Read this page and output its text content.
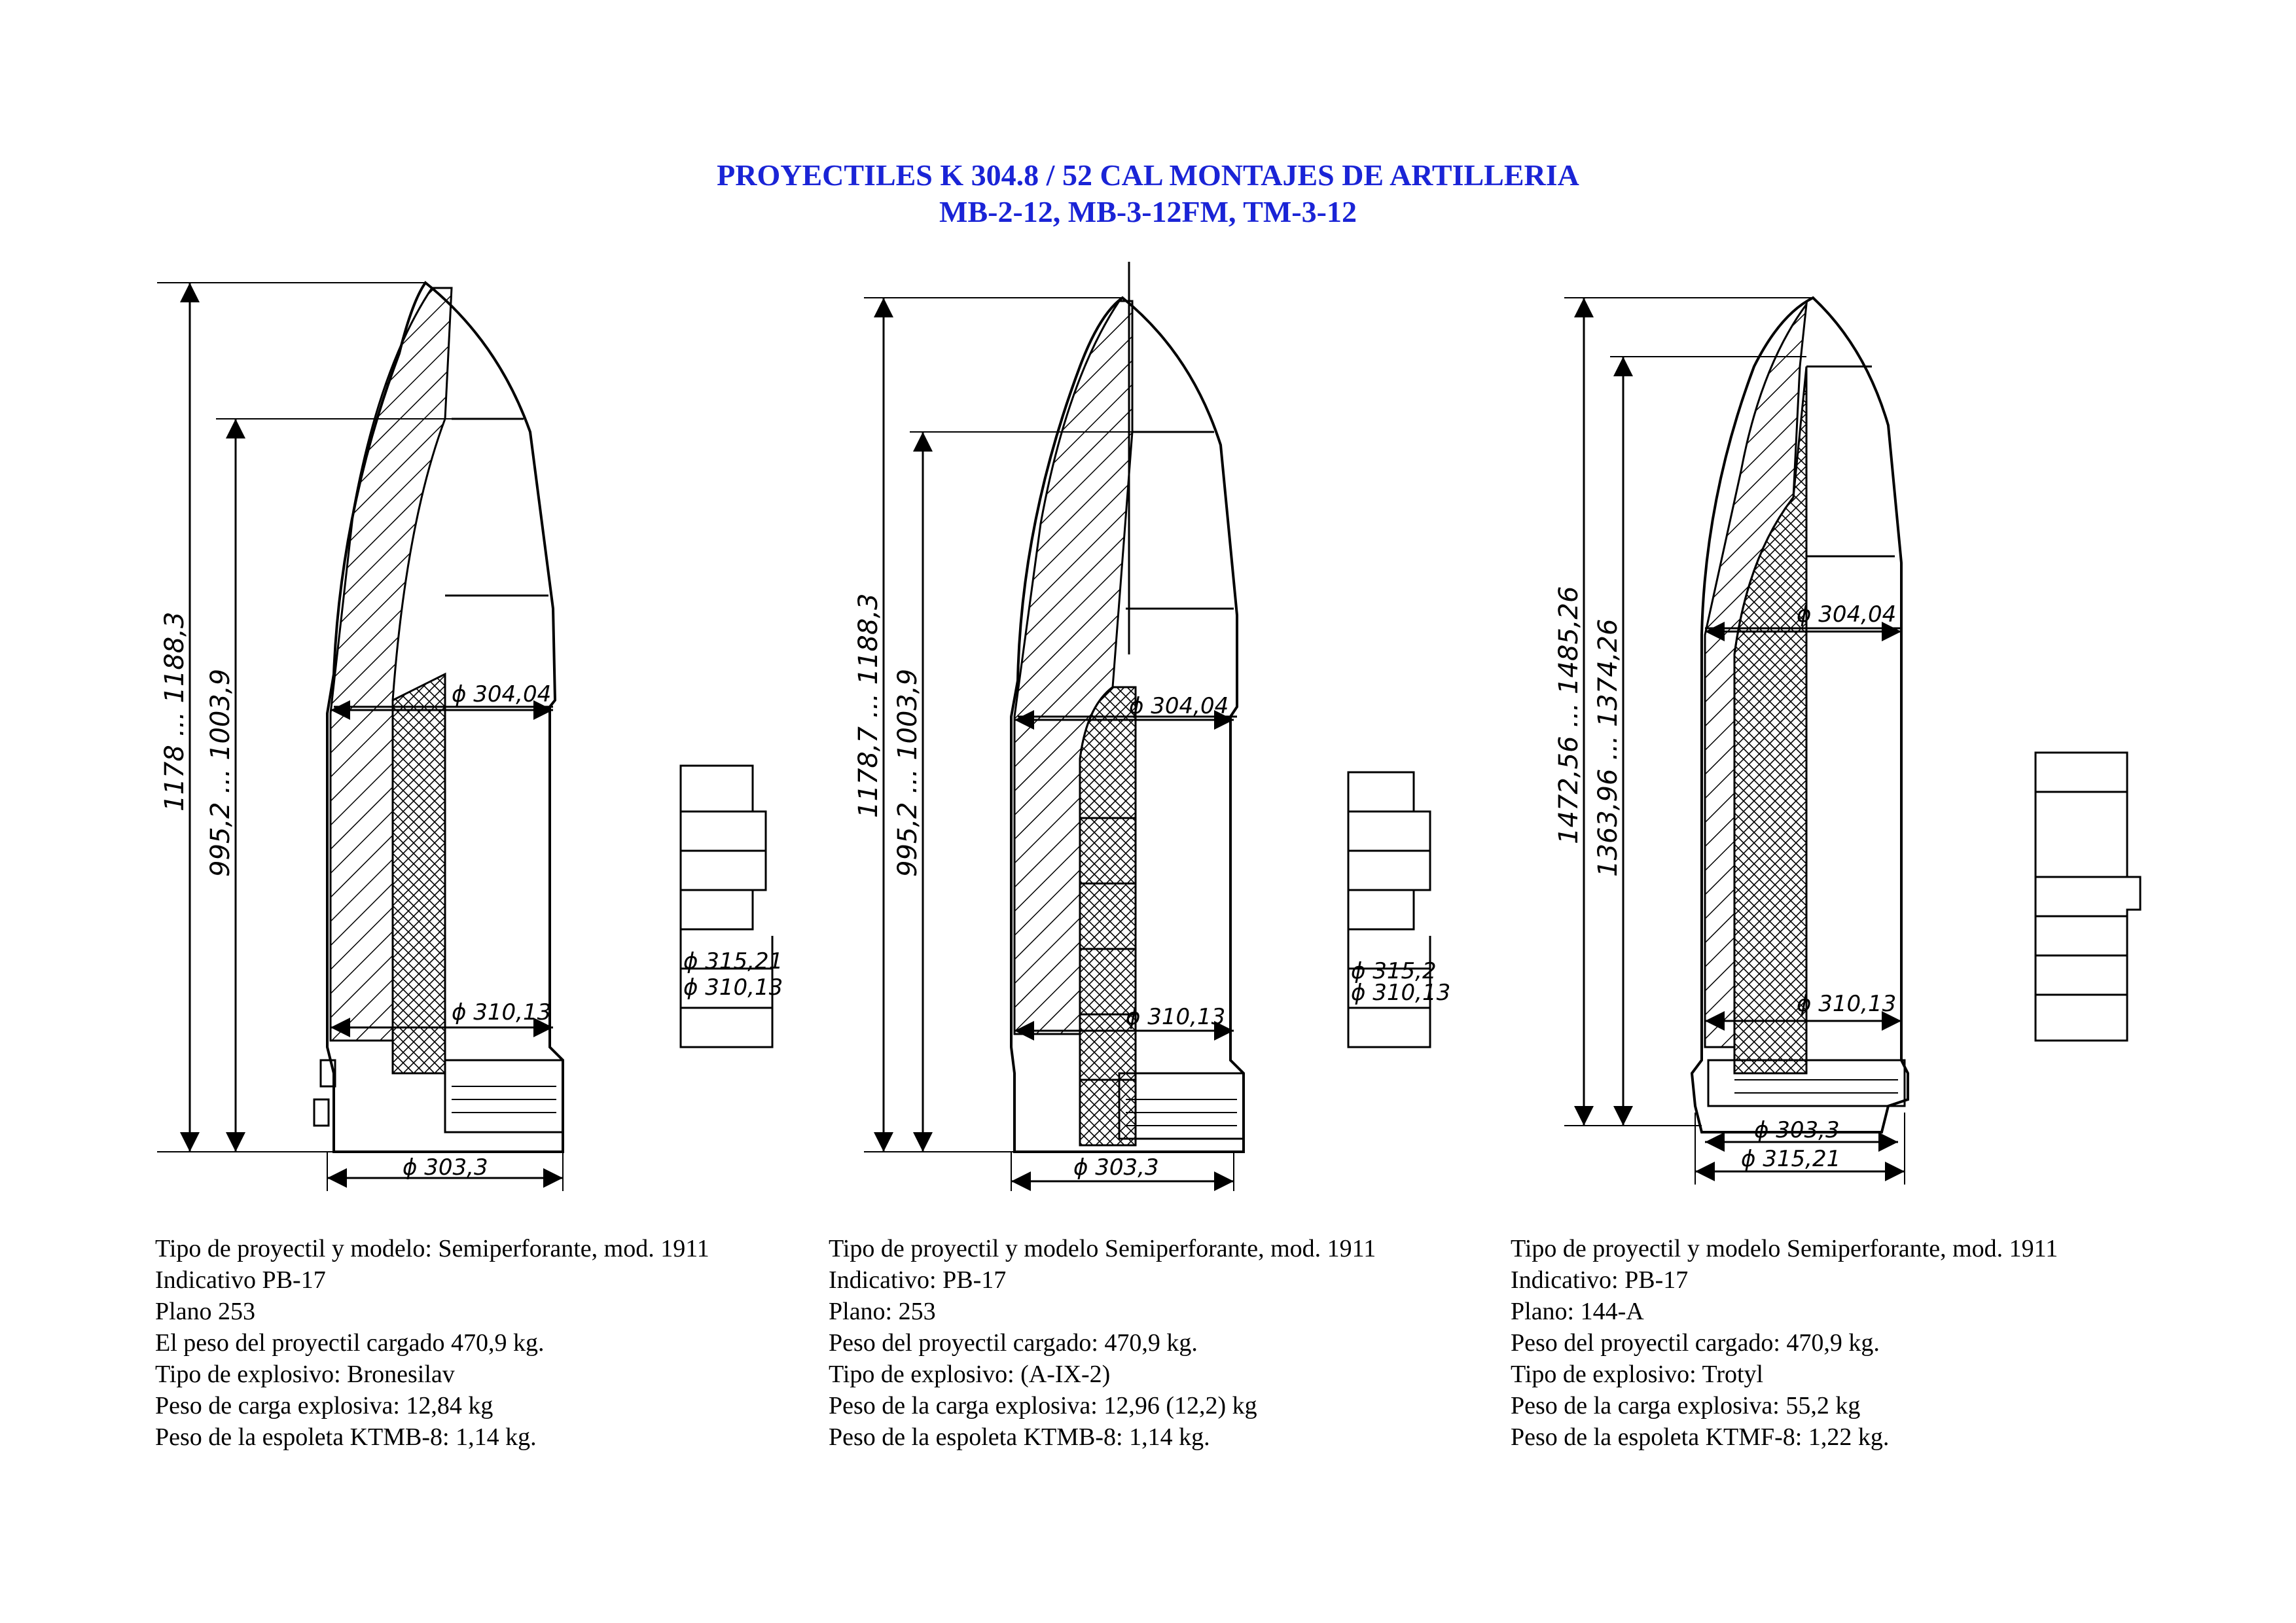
PROYECTILES K 304.8 / 52 CAL MONTAJES DE ARTILLERIA
MB-2-12, MB-3-12FM, TM-3-12
ϕ 304,04
ϕ 310,13
ϕ 303,3
ϕ 315,21
ϕ 310,13
1178 ... 1188,3 995,2 ... 1003,9	ϕ 304,04
ϕ 310,13
ϕ 303,3
ϕ 315,2
ϕ 310,13
1178,7 ... 1188,3 995,2 ... 1003,9
ϕ 304,04
ϕ 310,13
ϕ 303,3
ϕ 315,21
1472,56 ... 1485,26 1363,96 ... 1374,26
Tipo de proyectil y modelo: Semiperforante, mod. 1911
Indicativo PB-17
Plano 253
El peso del proyectil cargado 470,9 kg.
Tipo de explosivo: Bronesilav
Peso de carga explosiva: 12,84 kg
Peso de la espoleta KTMB-8: 1,14 kg.
Tipo de proyectil y modelo Semiperforante, mod. 1911
Indicativo: PB-17
Plano: 253
Peso del proyectil cargado: 470,9 kg.
Tipo de explosivo: (A-IX-2)
Peso de la carga explosiva: 12,96 (12,2) kg
Peso de la espoleta KTMB-8: 1,14 kg.
Tipo de proyectil y modelo Semiperforante, mod. 1911
Indicativo: PB-17
Plano: 144-A
Peso del proyectil cargado: 470,9 kg.
Tipo de explosivo: Trotyl
Peso de la carga explosiva: 55,2 kg
Peso de la espoleta KTMF-8: 1,22 kg.
